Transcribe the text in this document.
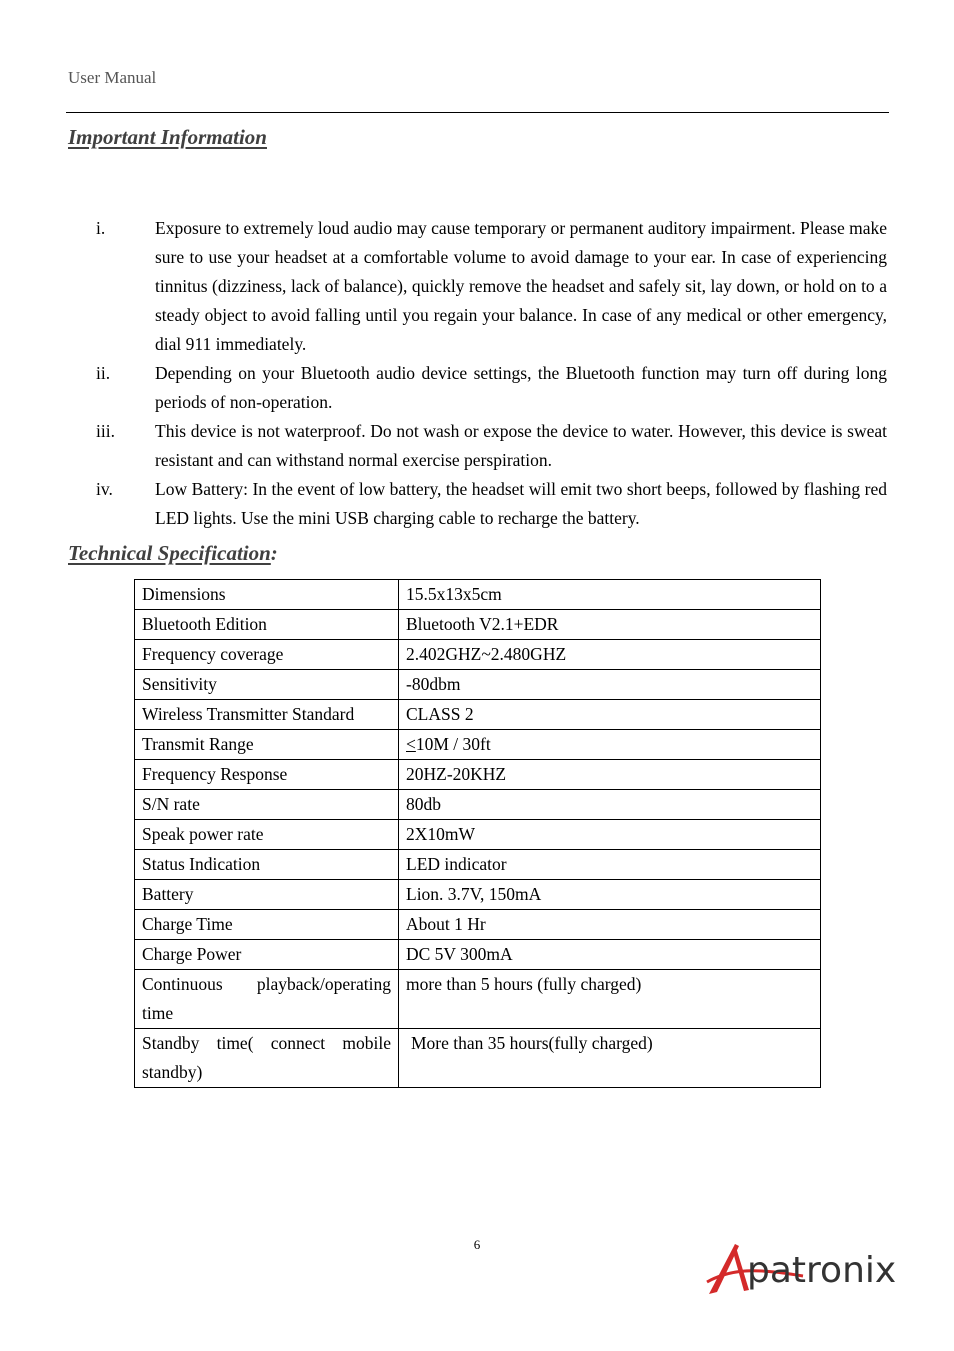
User Manual
Important Information
i.	Exposure to extremely loud audio may cause temporary or permanent auditory impairment. Please make sure to use your headset at a comfortable volume to avoid damage to your ear. In case of experiencing tinnitus (dizziness, lack of balance), quickly remove the headset and safely sit, lay down, or hold on to a steady object to avoid falling until you regain your balance. In case of any medical or other emergency, dial 911 immediately.
ii.	Depending on your Bluetooth audio device settings, the Bluetooth function may turn off during long periods of non-operation.
iii.	This device is not waterproof. Do not wash or expose the device to water. However, this device is sweat resistant and can withstand normal exercise perspiration.
iv.	Low Battery: In the event of low battery, the headset will emit two short beeps, followed by flashing red LED lights. Use the mini USB charging cable to recharge the battery.
Technical Specification:
Dimensions	15.5x13x5cm
Bluetooth Edition	Bluetooth V2.1+EDR
Frequency coverage	2.402GHZ~2.480GHZ
Sensitivity	-80dbm
Wireless Transmitter Standard	CLASS 2
Transmit Range	<10M / 30ft
Frequency Response	20HZ-20KHZ
S/N rate	80db
Speak power rate	2X10mW
Status Indication	LED indicator
Battery	Lion. 3.7V, 150mA
Charge Time	About 1 Hr
Charge Power	DC 5V 300mA
Continuous playback/operating time	more than 5 hours (fully charged)
Standby time( connect mobile standby)	More than 35 hours(fully charged)
6
patronix
